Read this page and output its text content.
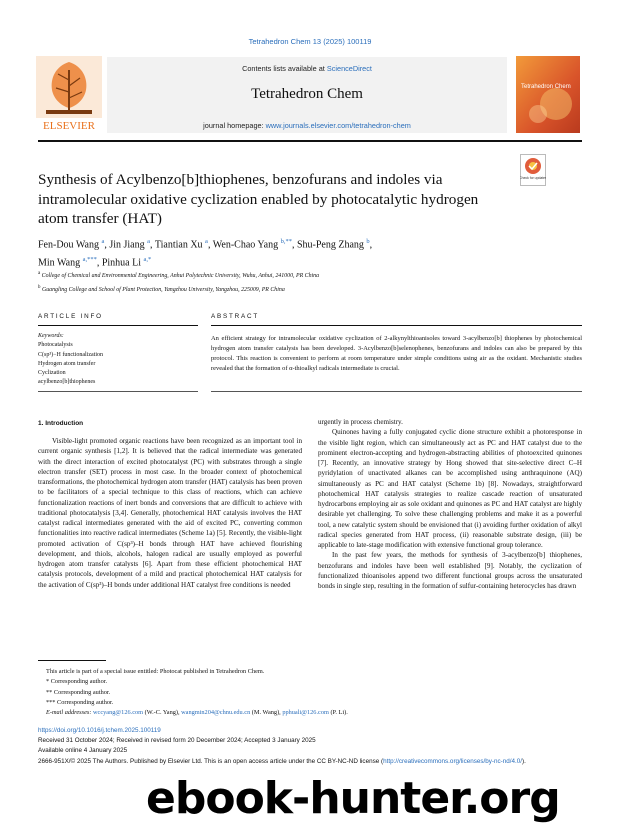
Tetrahedron Chem 13 (2025) 100119
ELSEVIER
Contents lists available at ScienceDirect
Tetrahedron Chem
journal homepage: www.journals.elsevier.com/tetrahedron-chem
Tetrahedron Chem
Synthesis of Acylbenzo[b]thiophenes, benzofurans and indoles via intramolecular oxidative cyclization enabled by photocatalytic hydrogen atom transfer (HAT)
Check for updates
Fen-Dou Wang $^a$, Jin Jiang $^a$, Tiantian Xu $^a$, Wen-Chao Yang $^{b,**}$, Shu-Peng Zhang $^b$,
Min Wang $^{a,***}$, Pinhua Li $^{a,*}$
$^a$ College of Chemical and Environmental Engineering, Anhui Polytechnic University, Wuhu, Anhui, 241000, PR China
$^b$ Guangling College and School of Plant Protection, Yangzhou University, Yangzhou, 225009, PR China
ARTICLE INFO	ABSTRACT
Keywords:
Photocatalysis
C(sp³)−H functionalization
Hydrogen atom transfer
Cyclization
acylbenzo[b]thiophenes
An efficient strategy for intramolecular oxidative cyclization of 2-alkynylthioanisoles toward 3-acylbenzo[b] thiophenes by photochemical hydrogen atom transfer catalysis has been developed. 3-Acylbenzo[b]selenophenes, benzofurans and indoles can also be prepared by this protocol. This reaction is convenient to perform at room temperature under simple conditions using air as the oxidant. Mechanistic studies revealed that the formation of α-thioalkyl radicals intermediate is crucial.
1. Introduction

Visible-light promoted organic reactions have been recognized as an important tool in current organic synthesis [1,2]. It is believed that the radical intermediate was generated with the direct interaction of excited photocatalyst (PC) with substrates through a single electron transfer (SET) process in most case. In the broader context of photochemical transformations, the photochemical hydrogen atom transfer (HAT) catalysis has been proven to be facilitators of a special technique to this class of reactions, which can achieve functionalization reactions of inert bonds and conversions that are difficult to achieve with traditional photocatalysis [3,4]. Generally, photochemical HAT catalysis involves the HAT catalyst radical intermediates generated with the aid of excited PC, converting common functionalities into reactive radical intermediates (Scheme 1a) [5]. Recently, the visible-light promoted activation of C(sp³)–H bonds through HAT have achieved flourishing development, and thiols, alcohols, halogen radical are usually employed as powerful hydrogen atom transfer catalysts [6]. Apart from these efficient photochemical HAT catalysis protocols, development of a mild and practical photochemical HAT catalysis for the activation of C(sp³)–H bonds under additional HAT catalyst free conditions is needed

urgently in process chemistry.

Quinones having a fully conjugated cyclic dione structure exhibit a photoresponse in the visible light region, which can simultaneously act as PC and HAT catalyst due to the prominent electron-accepting and hydrogen-abstracting abilities of photoexcited quinones [7]. Recently, an innovative strategy by Hong showed that site-selective direct C–H pyridylation of unactivated alkanes can be accomplished using anthraquinone (AQ) simultaneously as PC and HAT catalyst (Scheme 1b) [8]. Nowadays, straightforward photochemical HAT catalysis strategies to realize cascade reaction of unsaturated hydrocarbons employing air as sole oxidant and quinones as PC and HAT catalyst are highly desirable yet challenging. To solve these challenging problems and make it as a powerful tool, a new catalytic system should be envisioned that (i) avoiding further oxidation of alkyl radical species generated from HAT process, (ii) reasonable substrate design, (iii) be applicable to late-stage modification with extensive functional group tolerance.

In the past few years, the methods for synthesis of 3-acylbenzo[b] thiophenes, benzofurans and indoles have been well established [9]. Notably, the cyclization of functionalized thioanisoles append two different functional groups across the unsaturated bonds in single step, resulting in the formation of sulfur-containing heterocycles has drawn

This article is part of a special issue entitled: Photocat published in Tetrahedron Chem.
* Corresponding author.
** Corresponding author.
*** Corresponding author.
E-mail addresses: wccyang@126.com (W.-C. Yang), wangmin204@chnu.edu.cn (M. Wang), pphuali@126.com (P. Li).
https://doi.org/10.1016/j.tchem.2025.100119
Received 31 October 2024; Received in revised form 20 December 2024; Accepted 3 January 2025
Available online 4 January 2025
2666-951X/© 2025 The Authors. Published by Elsevier Ltd. This is an open access article under the CC BY-NC-ND license (http://creativecommons.org/licenses/by-nc-nd/4.0/).
ebook-hunter.org
